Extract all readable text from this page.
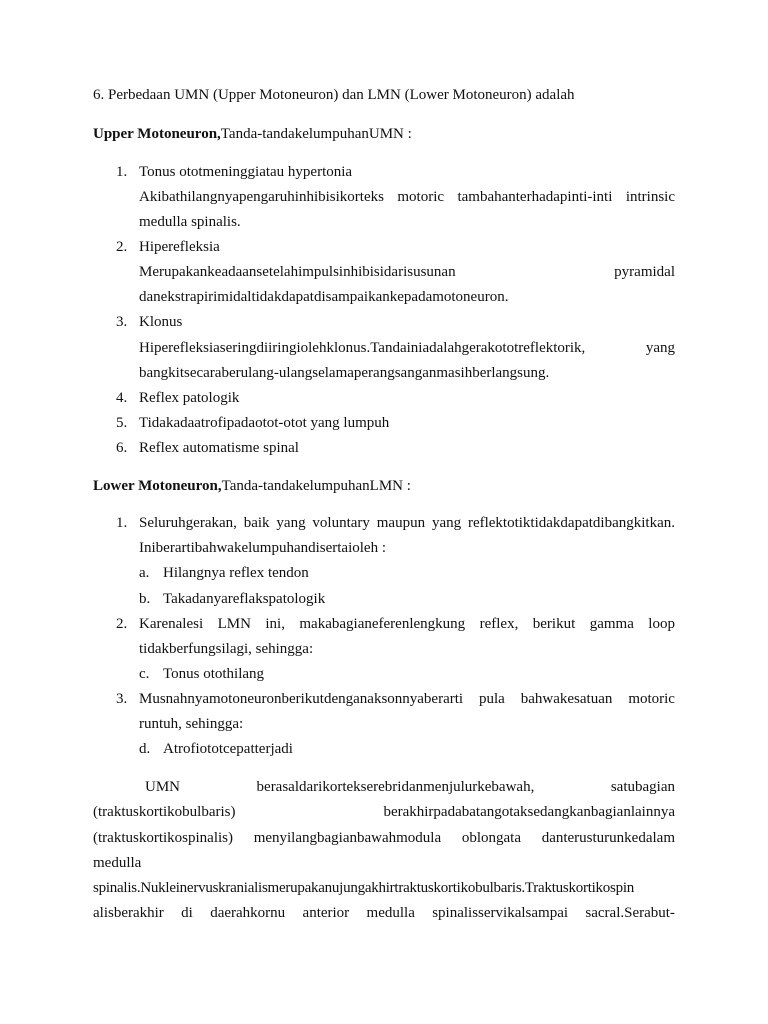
6. Perbedaan UMN (Upper Motoneuron) dan LMN (Lower Motoneuron) adalah
Upper Motoneuron,Tanda-tandakelumpuhanUMN :
1. Tonus ototmeninggiatau hypertonia
Akibathilangnyapengaruhinhibisikorteks motoric tambahanterhadapinti-inti intrinsic
medulla spinalis.
2. Hiperefleksia
Merupakankeadaansetelahimpulsinhibisidarisusunan	pyramidal
danekstrapirimidaltidakdapatdisampaikankepadamotoneuron.
3. Klonus
Hiperefleksiaseringdiiringiolehklonus.Tandainiadalahgerakototreflektorik,	yang
bangkitsecaraberulang-ulangselamaperangsanganmasihberlangsung.
4. Reflex patologik
5. Tidakadaatrofipadaotot-otot yang lumpuh
6. Reflex automatisme spinal
Lower Motoneuron,Tanda-tandakelumpuhanLMN :
1. Seluruhgerakan, baik yang voluntary maupun yang reflektotiktidakdapatdibangkitkan.
Iniberartibahwakelumpuhandisertaioleh :
a. Hilangnya reflex tendon
b. Takadanyareflakspatologik
2. Karenalesi LMN ini, makabagianeferenlengkung reflex, berikut gamma loop
tidakberfungsilagi, sehingga:
c. Tonus otothilang
3. Musnahnyamotoneuronberikutdenganaksonnyaberarti pula bahwakesatuan motoric
runtuh, sehingga:
d. Atrofiototcepatterjadi
UMN	berasaldarikortekserebridanmenjulurkebawah,	satubagian
(traktuskortikobulbaris)	berakhirpadabatangotaksedangkanbagianlainnya
(traktuskortikospinalis) menyilangbagianbawahmodula oblongata danterusturunkedalam
medulla
spinalis.Nukleinervuskranialismerupakanujungakhirtraktuskortikobulbaris.Traktuskortikospin
alisberakhir di daerahkornu anterior medulla spinalisservikalsampai sacral.Serabut-
